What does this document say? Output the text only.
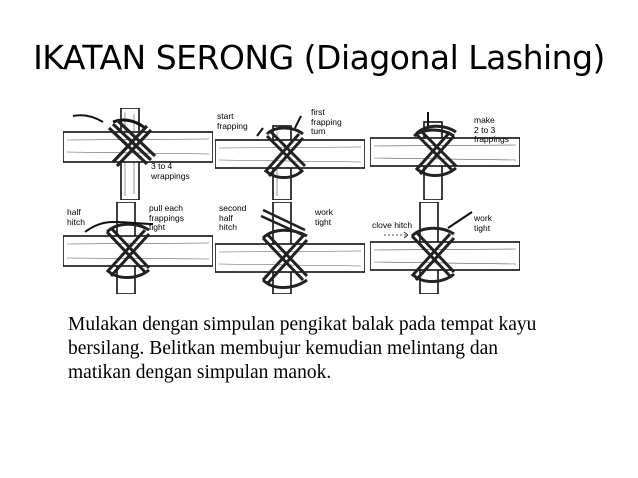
IKATAN SERONG (Diagonal Lashing)
3 to 4
wrappings
start
frapping
first
frapping
turn
make
2 to 3
frappings
half
hitch
pull each
frappings
tight
second
half
hitch
work
tight	clove hitch
work
tight
Mulakan dengan simpulan pengikat balak pada tempat kayu bersilang. Belitkan membujur kemudian melintang dan matikan dengan simpulan manok.
